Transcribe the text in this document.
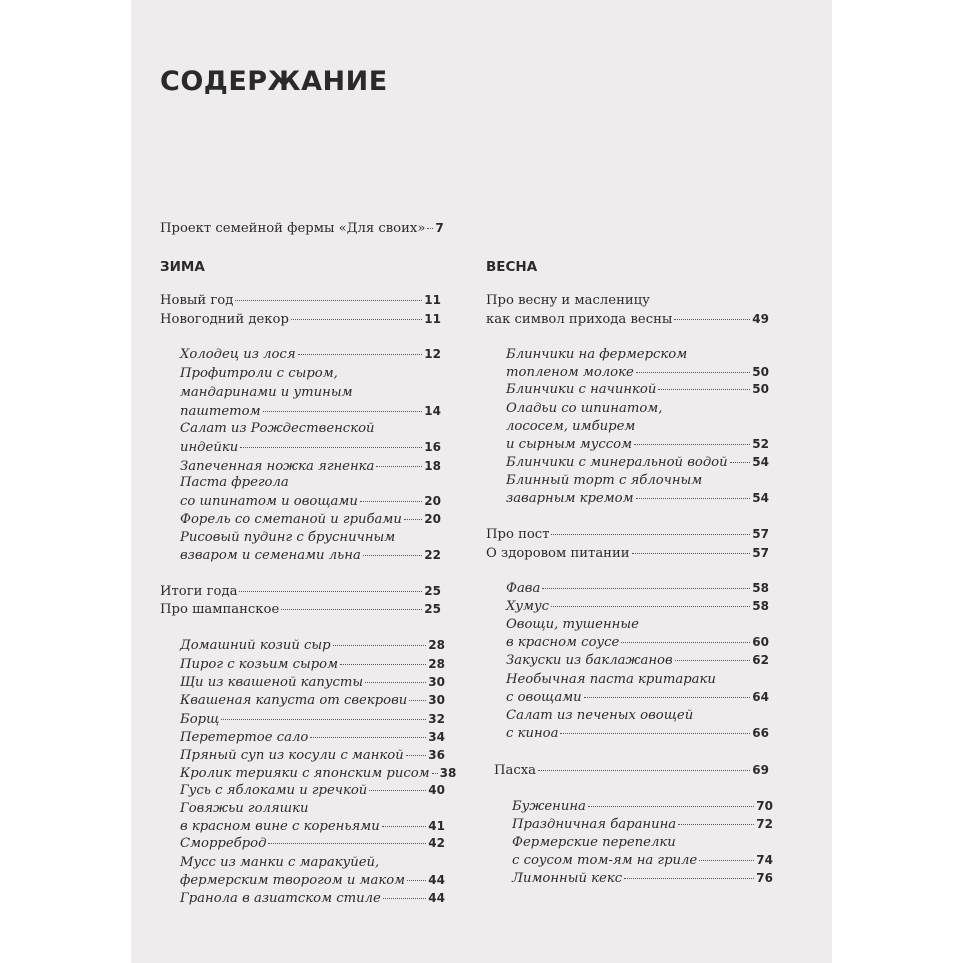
СОДЕРЖАНИЕ
Проект семейной фермы «Для своих» 7
ЗИМА
Новый год	11
Новогодний декор	11
Холодец из лося	12
Профитроли с сыром,
мандаринами и утиным
паштетом	14
Салат из Рождественской
индейки	16
Запеченная ножка ягненка	18
Паста фрегола
со шпинатом и овощами	20
Форель со сметаной и грибами 20
Рисовый пудинг с брусничным
взваром и семенами льна	22
Итоги года	25
Про шампанское	25
Домашний козий сыр	28
Пирог с козьим сыром	28
Щи из квашеной капусты	30
Квашеная капуста от свекрови 30
Борщ	32
Перетертое сало	34
Пряный суп из косули с манкой 36
Кролик терияки с японским рисом 38
Гусь с яблоками и гречкой	40
Говяжьи голяшки
в красном вине с кореньями	41
Сморреброд	42
Мусс из манки с маракуйей,
фермерским творогом и маком 44
Гранола в азиатском стиле	44
ВЕСНА
Про весну и масленицу
как символ прихода весны	49
Блинчики на фермерском
топленом молоке	50
Блинчики с начинкой	50
Оладьи со шпинатом,
лососем, имбирем
и сырным муссом	52
Блинчики с минеральной водой 54
Блинный торт с яблочным
заварным кремом	54
Про пост	57
О здоровом питании	57
Фава	58
Хумус	58
Овощи, тушенные
в красном соусе	60
Закуски из баклажанов	62
Необычная паста критараки
с овощами	64
Салат из печеных овощей
с киноа	66
Пасха	69
Буженина	70
Праздничная баранина	72
Фермерские перепелки
с соусом том-ям на гриле	74
Лимонный кекс	76
